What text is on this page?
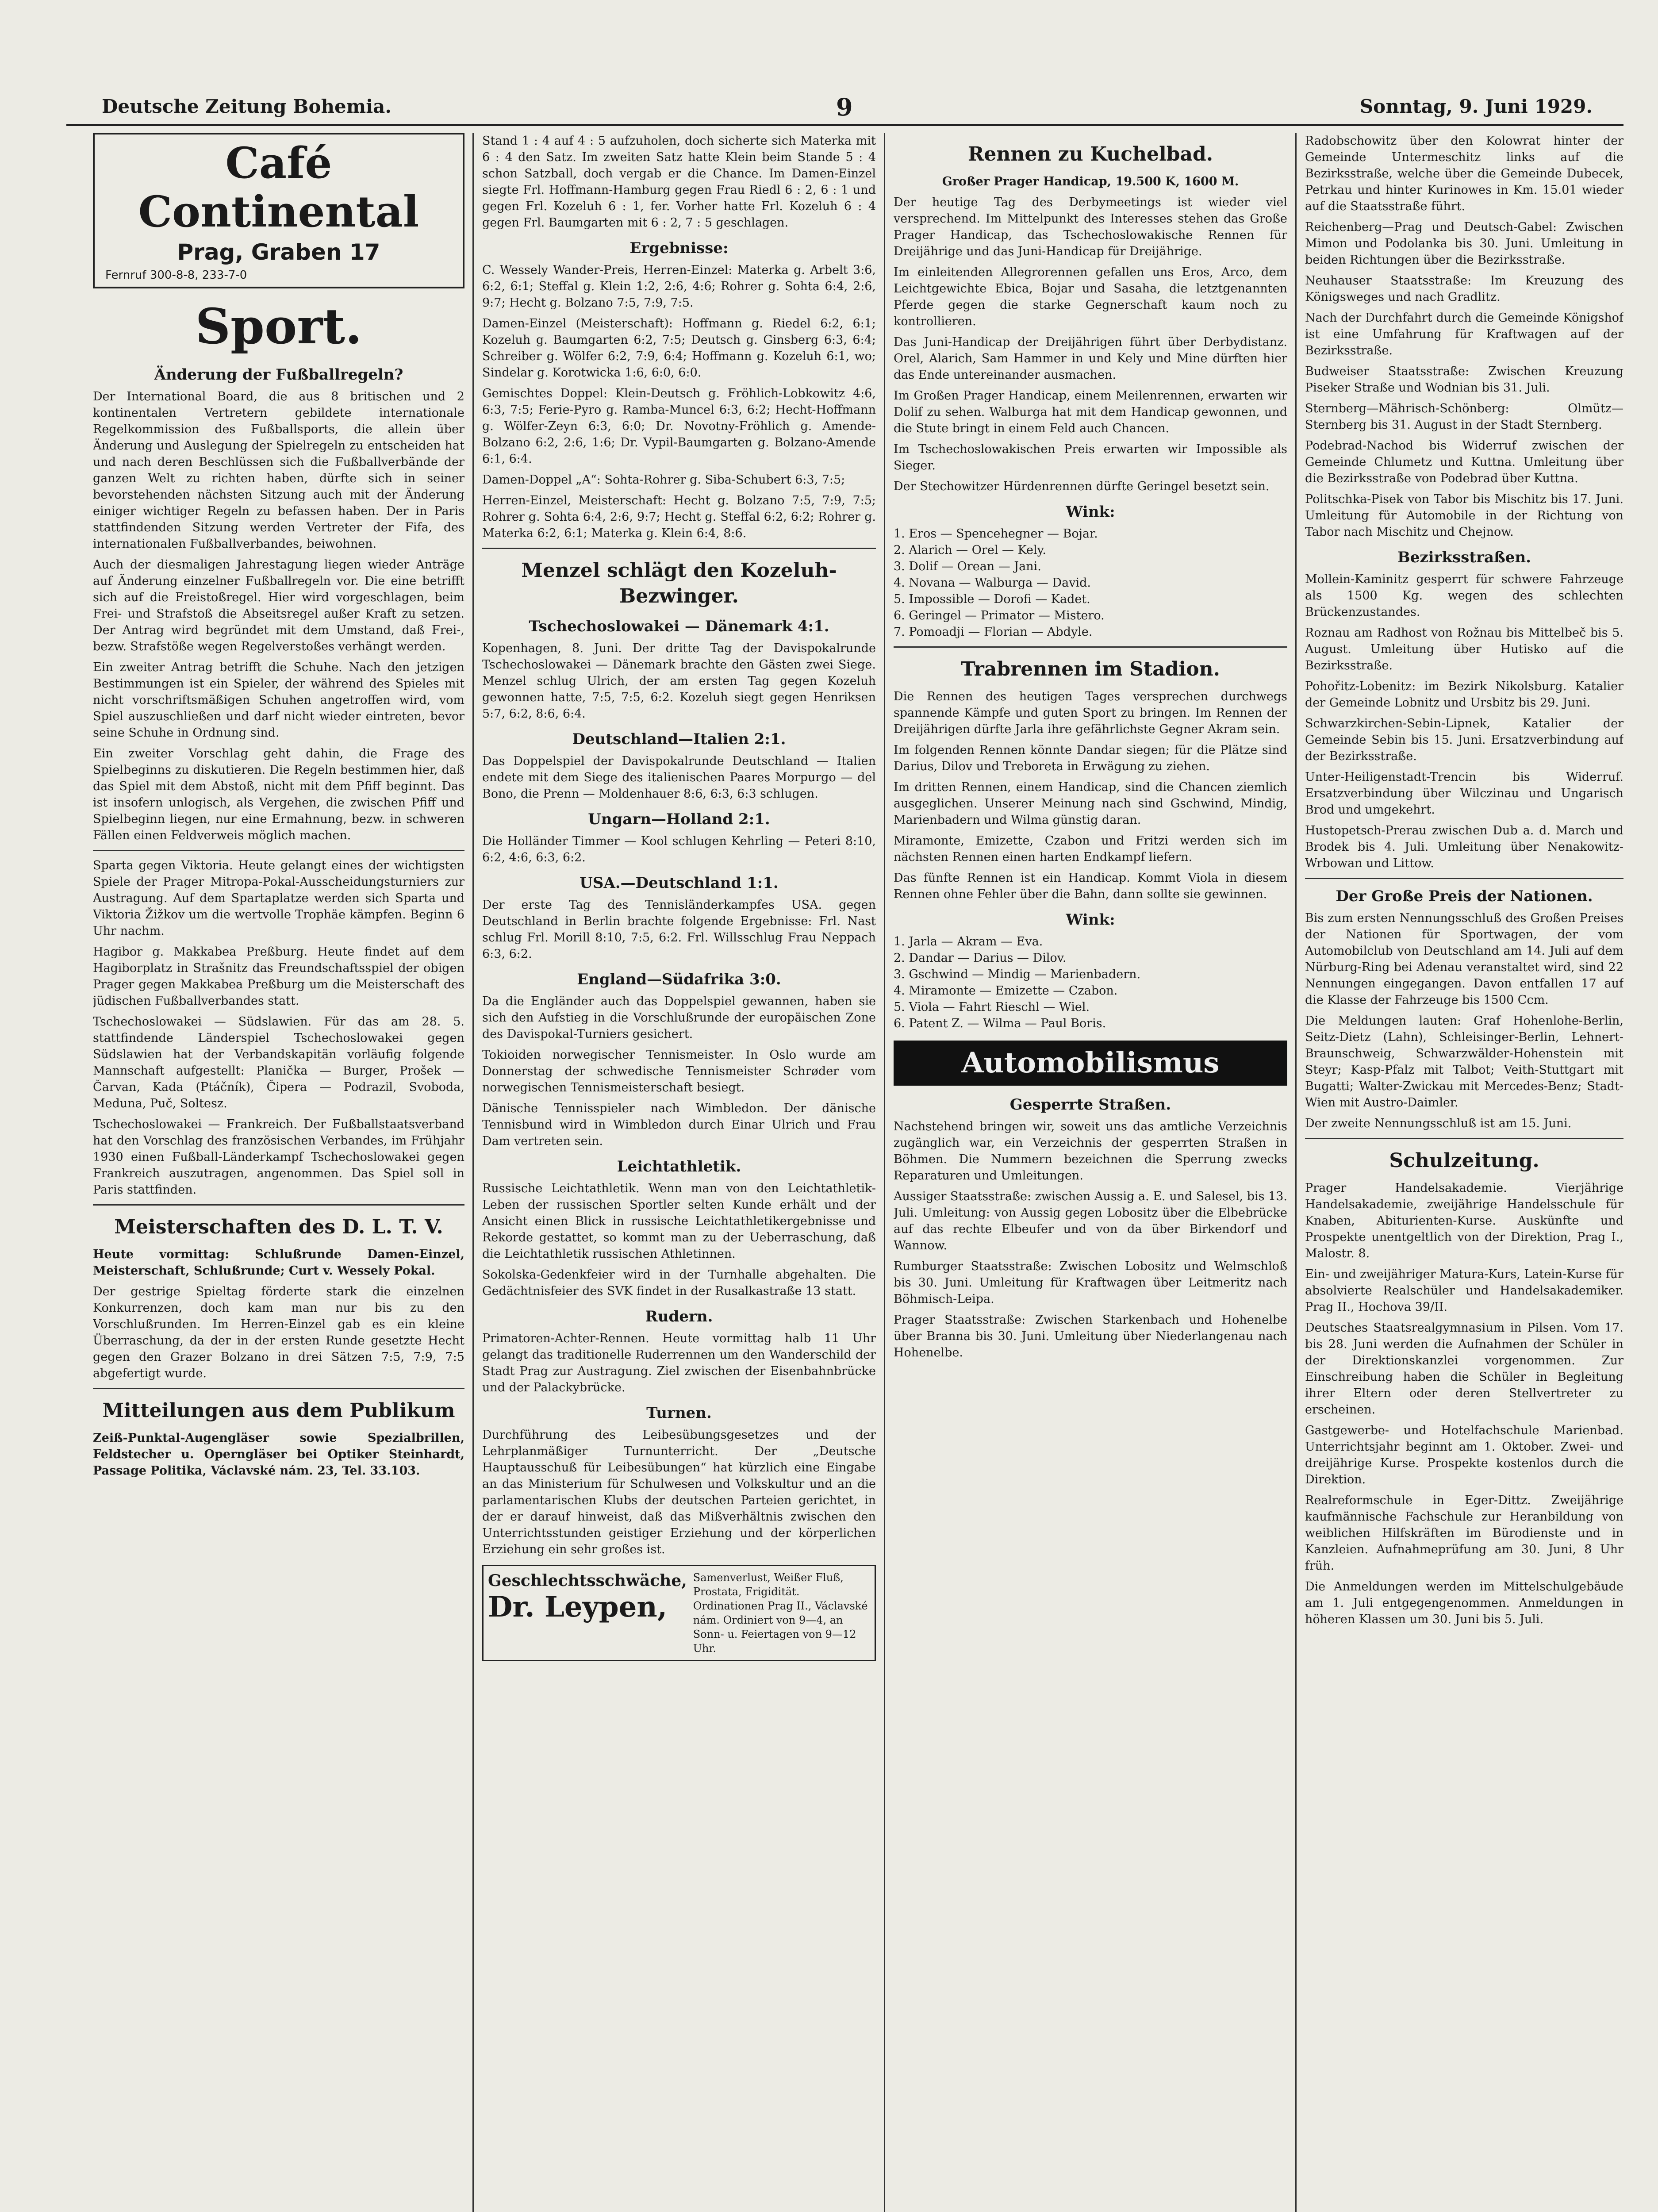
Deutsche Zeitung Bohemia.	9	Sonntag, 9. Juni 1929.

Café Continental

Prag, Graben 17

Fernruf 300-8-8, 233-7-0

Sport.
Änderung der Fußballregeln?

Der International Board, die aus 8 britischen und 2 kontinentalen Vertretern gebildete internationale Regelkommission des Fußballsports, die allein über Änderung und Auslegung der Spielregeln zu entscheiden hat und nach deren Beschlüssen sich die Fußballverbände der ganzen Welt zu richten haben, dürfte sich in seiner bevorstehenden nächsten Sitzung auch mit der Änderung einiger wichtiger Regeln zu befassen haben. Der in Paris stattfindenden Sitzung werden Vertreter der Fifa, des internationalen Fußballverbandes, beiwohnen.

Auch der diesmaligen Jahrestagung liegen wieder Anträge auf Änderung einzelner Fußballregeln vor. Die eine betrifft sich auf die Freistoßregel. Hier wird vorgeschlagen, beim Frei- und Strafstoß die Abseitsregel außer Kraft zu setzen. Der Antrag wird begründet mit dem Umstand, daß Frei-, bezw. Strafstöße wegen Regelverstoßes verhängt werden.

Ein zweiter Antrag betrifft die Schuhe. Nach den jetzigen Bestimmungen ist ein Spieler, der während des Spieles mit nicht vorschriftsmäßigen Schuhen angetroffen wird, vom Spiel auszuschließen und darf nicht wieder eintreten, bevor seine Schuhe in Ordnung sind.

Ein zweiter Vorschlag geht dahin, die Frage des Spielbeginns zu diskutieren. Die Regeln bestimmen hier, daß das Spiel mit dem Abstoß, nicht mit dem Pfiff beginnt. Das ist insofern unlogisch, als Vergehen, die zwischen Pfiff und Spielbeginn liegen, nur eine Ermahnung, bezw. in schweren Fällen einen Feldverweis möglich machen.

Sparta gegen Viktoria. Heute gelangt eines der wichtigsten Spiele der Prager Mitropa-Pokal-Ausscheidungsturniers zur Austragung. Auf dem Spartaplatze werden sich Sparta und Viktoria Žižkov um die wertvolle Trophäe kämpfen. Beginn 6 Uhr nachm.

Hagibor g. Makkabea Preßburg. Heute findet auf dem Hagiborplatz in Strašnitz das Freundschaftsspiel der obigen Prager gegen Makkabea Preßburg um die Meisterschaft des jüdischen Fußballverbandes statt.

Tschechoslowakei — Südslawien. Für das am 28. 5. stattfindende Länderspiel Tschechoslowakei gegen Südslawien hat der Verbandskapitän vorläufig folgende Mannschaft aufgestellt: Planička — Burger, Prošek — Čarvan, Kada (Ptáčník), Čipera — Podrazil, Svoboda, Meduna, Puč, Soltesz.

Tschechoslowakei — Frankreich. Der Fußballstaatsverband hat den Vorschlag des französischen Verbandes, im Frühjahr 1930 einen Fußball-Länderkampf Tschechoslowakei gegen Frankreich auszutragen, angenommen. Das Spiel soll in Paris stattfinden.

Meisterschaften des D. L. T. V.

Heute vormittag: Schlußrunde Damen-Einzel, Meisterschaft, Schlußrunde; Curt v. Wessely Pokal.

Der gestrige Spieltag förderte stark die einzelnen Konkurrenzen, doch kam man nur bis zu den Vorschlußrunden. Im Herren-Einzel gab es ein kleine Überraschung, da der in der ersten Runde gesetzte Hecht gegen den Grazer Bolzano in drei Sätzen 7:5, 7:9, 7:5 abgefertigt wurde.

Mitteilungen aus dem Publikum

Zeiß-Punktal-Augengläser sowie Spezialbrillen, Feldstecher u. Operngläser bei Optiker Steinhardt, Passage Politika, Václavské nám. 23, Tel. 33.103.

Stand 1 : 4 auf 4 : 5 aufzuholen, doch sicherte sich Materka mit 6 : 4 den Satz. Im zweiten Satz hatte Klein beim Stande 5 : 4 schon Satzball, doch vergab er die Chance. Im Damen-Einzel siegte Frl. Hoffmann-Hamburg gegen Frau Riedl 6 : 2, 6 : 1 und gegen Frl. Kozeluh 6 : 1, fer. Vorher hatte Frl. Kozeluh 6 : 4 gegen Frl. Baumgarten mit 6 : 2, 7 : 5 geschlagen.

Ergebnisse:

C. Wessely Wander-Preis, Herren-Einzel: Materka g. Arbelt 3:6, 6:2, 6:1; Steffal g. Klein 1:2, 2:6, 4:6; Rohrer g. Sohta 6:4, 2:6, 9:7; Hecht g. Bolzano 7:5, 7:9, 7:5.

Damen-Einzel (Meisterschaft): Hoffmann g. Riedel 6:2, 6:1; Kozeluh g. Baumgarten 6:2, 7:5; Deutsch g. Ginsberg 6:3, 6:4; Schreiber g. Wölfer 6:2, 7:9, 6:4; Hoffmann g. Kozeluh 6:1, wo; Sindelar g. Korotwicka 1:6, 6:0, 6:0.

Gemischtes Doppel: Klein-Deutsch g. Fröhlich-Lobkowitz 4:6, 6:3, 7:5; Ferie-Pyro g. Ramba-Muncel 6:3, 6:2; Hecht-Hoffmann g. Wölfer-Zeyn 6:3, 6:0; Dr. Novotny-Fröhlich g. Amende-Bolzano 6:2, 2:6, 1:6; Dr. Vypil-Baumgarten g. Bolzano-Amende 6:1, 6:4.

Damen-Doppel „A“: Sohta-Rohrer g. Siba-Schubert 6:3, 7:5;

Herren-Einzel, Meisterschaft: Hecht g. Bolzano 7:5, 7:9, 7:5; Rohrer g. Sohta 6:4, 2:6, 9:7; Hecht g. Steffal 6:2, 6:2; Rohrer g. Materka 6:2, 6:1; Materka g. Klein 6:4, 8:6.

Menzel schlägt den Kozeluh-Bezwinger.
Tschechoslowakei — Dänemark 4:1.

Kopenhagen, 8. Juni. Der dritte Tag der Davispokalrunde Tschechoslowakei — Dänemark brachte den Gästen zwei Siege. Menzel schlug Ulrich, der am ersten Tag gegen Kozeluh gewonnen hatte, 7:5, 7:5, 6:2. Kozeluh siegt gegen Henriksen 5:7, 6:2, 8:6, 6:4.

Deutschland—Italien 2:1.

Das Doppelspiel der Davispokalrunde Deutschland — Italien endete mit dem Siege des italienischen Paares Morpurgo — del Bono, die Prenn — Moldenhauer 8:6, 6:3, 6:3 schlugen.

Ungarn—Holland 2:1.

Die Holländer Timmer — Kool schlugen Kehrling — Peteri 8:10, 6:2, 4:6, 6:3, 6:2.

USA.—Deutschland 1:1.

Der erste Tag des Tennisländerkampfes USA. gegen Deutschland in Berlin brachte folgende Ergebnisse: Frl. Nast schlug Frl. Morill 8:10, 7:5, 6:2. Frl. Willsschlug Frau Neppach 6:3, 6:2.

England—Südafrika 3:0.

Da die Engländer auch das Doppelspiel gewannen, haben sie sich den Aufstieg in die Vorschlußrunde der europäischen Zone des Davispokal-Turniers gesichert.

Tokioiden norwegischer Tennismeister. In Oslo wurde am Donnerstag der schwedische Tennismeister Schrøder vom norwegischen Tennismeisterschaft besiegt.

Dänische Tennisspieler nach Wimbledon. Der dänische Tennisbund wird in Wimbledon durch Einar Ulrich und Frau Dam vertreten sein.

Leichtathletik.

Russische Leichtathletik. Wenn man von den Leichtathletik-Leben der russischen Sportler selten Kunde erhält und der Ansicht einen Blick in russische Leichtathletikergebnisse und Rekorde gestattet, so kommt man zu der Ueberraschung, daß die Leichtathletik russischen Athletinnen.

Sokolska-Gedenkfeier wird in der Turnhalle abgehalten. Die Gedächtnisfeier des SVK findet in der Rusalkastraße 13 statt.

Rudern.

Primatoren-Achter-Rennen. Heute vormittag halb 11 Uhr gelangt das traditionelle Ruderrennen um den Wanderschild der Stadt Prag zur Austragung. Ziel zwischen der Eisenbahnbrücke und der Palackybrücke.

Turnen.

Durchführung des Leibesübungsgesetzes und der Lehrplanmäßiger Turnunterricht. Der „Deutsche Hauptausschuß für Leibesübungen“ hat kürzlich eine Eingabe an das Ministerium für Schulwesen und Volkskultur und an die parlamentarischen Klubs der deutschen Parteien gerichtet, in der er darauf hinweist, daß das Mißverhältnis zwischen den Unterrichtsstunden geistiger Erziehung und der körperlichen Erziehung ein sehr großes ist.

Geschlechtsschwäche,
Dr. Leypen,
Samenverlust, Weißer Fluß, Prostata, Frigidität. Ordinationen Prag II., Václavské nám. Ordiniert von 9—4, an Sonn- u. Feiertagen von 9—12 Uhr.
Rennen zu Kuchelbad.

Großer Prager Handicap, 19.500 K, 1600 M.

Der heutige Tag des Derbymeetings ist wieder viel versprechend. Im Mittelpunkt des Interesses stehen das Große Prager Handicap, das Tschechoslowakische Rennen für Dreijährige und das Juni-Handicap für Dreijährige.

Im einleitenden Allegrorennen gefallen uns Eros, Arco, dem Leichtgewichte Ebica, Bojar und Sasaha, die letztgenannten Pferde gegen die starke Gegnerschaft kaum noch zu kontrollieren.

Das Juni-Handicap der Dreijährigen führt über Derbydistanz. Orel, Alarich, Sam Hammer in und Kely und Mine dürften hier das Ende untereinander ausmachen.

Im Großen Prager Handicap, einem Meilenrennen, erwarten wir Dolif zu sehen. Walburga hat mit dem Handicap gewonnen, und die Stute bringt in einem Feld auch Chancen.

Im Tschechoslowakischen Preis erwarten wir Impossible als Sieger.

Der Stechowitzer Hürdenrennen dürfte Geringel besetzt sein.

Wink:

1. Eros — Spencehegner — Bojar.
2. Alarich — Orel — Kely.
3. Dolif — Orean — Jani.
4. Novana — Walburga — David.
5. Impossible — Dorofi — Kadet.
6. Geringel — Primator — Mistero.
7. Pomoadji — Florian — Abdyle.

Trabrennen im Stadion.

Die Rennen des heutigen Tages versprechen durchwegs spannende Kämpfe und guten Sport zu bringen. Im Rennen der Dreijährigen dürfte Jarla ihre gefährlichste Gegner Akram sein.

Im folgenden Rennen könnte Dandar siegen; für die Plätze sind Darius, Dilov und Treboreta in Erwägung zu ziehen.

Im dritten Rennen, einem Handicap, sind die Chancen ziemlich ausgeglichen. Unserer Meinung nach sind Gschwind, Mindig, Marienbadern und Wilma günstig daran.

Miramonte, Emizette, Czabon und Fritzi werden sich im nächsten Rennen einen harten Endkampf liefern.

Das fünfte Rennen ist ein Handicap. Kommt Viola in diesem Rennen ohne Fehler über die Bahn, dann sollte sie gewinnen.

Wink:

1. Jarla — Akram — Eva.
2. Dandar — Darius — Dilov.
3. Gschwind — Mindig — Marienbadern.
4. Miramonte — Emizette — Czabon.
5. Viola — Fahrt Rieschl — Wiel.
6. Patent Z. — Wilma — Paul Boris.

Automobilismus
Gesperrte Straßen.

Nachstehend bringen wir, soweit uns das amtliche Verzeichnis zugänglich war, ein Verzeichnis der gesperrten Straßen in Böhmen. Die Nummern bezeichnen die Sperrung zwecks Reparaturen und Umleitungen.

Aussiger Staatsstraße: zwischen Aussig a. E. und Salesel, bis 13. Juli. Umleitung: von Aussig gegen Lobositz über die Elbebrücke auf das rechte Elbeufer und von da über Birkendorf und Wannow.

Rumburger Staatsstraße: Zwischen Lobositz und Welmschloß bis 30. Juni. Umleitung für Kraftwagen über Leitmeritz nach Böhmisch-Leipa.

Prager Staatsstraße: Zwischen Starkenbach und Hohenelbe über Branna bis 30. Juni. Umleitung über Niederlangenau nach Hohenelbe.

Radobschowitz über den Kolowrat hinter der Gemeinde Untermeschitz links auf die Bezirksstraße, welche über die Gemeinde Dubecek, Petrkau und hinter Kurinowes in Km. 15.01 wieder auf die Staatsstraße führt.

Reichenberg—Prag und Deutsch-Gabel: Zwischen Mimon und Podolanka bis 30. Juni. Umleitung in beiden Richtungen über die Bezirksstraße.

Neuhauser Staatsstraße: Im Kreuzung des Königsweges und nach Gradlitz.

Nach der Durchfahrt durch die Gemeinde Königshof ist eine Umfahrung für Kraftwagen auf der Bezirksstraße.

Budweiser Staatsstraße: Zwischen Kreuzung Piseker Straße und Wodnian bis 31. Juli.

Sternberg—Mährisch-Schönberg: Olmütz—Sternberg bis 31. August in der Stadt Sternberg.

Podebrad-Nachod bis Widerruf zwischen der Gemeinde Chlumetz und Kuttna. Umleitung über die Bezirksstraße von Podebrad über Kuttna.

Politschka-Pisek von Tabor bis Mischitz bis 17. Juni. Umleitung für Automobile in der Richtung von Tabor nach Mischitz und Chejnow.

Bezirksstraßen.

Mollein-Kaminitz gesperrt für schwere Fahrzeuge als 1500 Kg. wegen des schlechten Brückenzustandes.

Roznau am Radhost von Rožnau bis Mittelbeč bis 5. August. Umleitung über Hutisko auf die Bezirksstraße.

Pohořitz-Lobenitz: im Bezirk Nikolsburg. Katalier der Gemeinde Lobnitz und Ursbitz bis 29. Juni.

Schwarzkirchen-Sebin-Lipnek, Katalier der Gemeinde Sebin bis 15. Juni. Ersatzverbindung auf der Bezirksstraße.

Unter-Heiligenstadt-Trencin bis Widerruf. Ersatzverbindung über Wilczinau und Ungarisch Brod und umgekehrt.

Hustopetsch-Prerau zwischen Dub a. d. March und Brodek bis 4. Juli. Umleitung über Nenakowitz-Wrbowan und Littow.

Der Große Preis der Nationen.

Bis zum ersten Nennungsschluß des Großen Preises der Nationen für Sportwagen, der vom Automobilclub von Deutschland am 14. Juli auf dem Nürburg-Ring bei Adenau veranstaltet wird, sind 22 Nennungen eingegangen. Davon entfallen 17 auf die Klasse der Fahrzeuge bis 1500 Ccm.

Die Meldungen lauten: Graf Hohenlohe-Berlin, Seitz-Dietz (Lahn), Schleisinger-Berlin, Lehnert-Braunschweig, Schwarzwälder-Hohenstein mit Steyr; Kasp-Pfalz mit Talbot; Veith-Stuttgart mit Bugatti; Walter-Zwickau mit Mercedes-Benz; Stadt-Wien mit Austro-Daimler.

Der zweite Nennungsschluß ist am 15. Juni.

Schulzeitung.

Prager Handelsakademie. Vierjährige Handelsakademie, zweijährige Handelsschule für Knaben, Abiturienten-Kurse. Auskünfte und Prospekte unentgeltlich von der Direktion, Prag I., Malostr. 8.

Ein- und zweijähriger Matura-Kurs, Latein-Kurse für absolvierte Realschüler und Handelsakademiker. Prag II., Hochova 39/II.

Deutsches Staatsrealgymnasium in Pilsen. Vom 17. bis 28. Juni werden die Aufnahmen der Schüler in der Direktionskanzlei vorgenommen. Zur Einschreibung haben die Schüler in Begleitung ihrer Eltern oder deren Stellvertreter zu erscheinen.

Gastgewerbe- und Hotelfachschule Marienbad. Unterrichtsjahr beginnt am 1. Oktober. Zwei- und dreijährige Kurse. Prospekte kostenlos durch die Direktion.

Realreformschule in Eger-Dittz. Zweijährige kaufmännische Fachschule zur Heranbildung von weiblichen Hilfskräften im Bürodienste und in Kanzleien. Aufnahmeprüfung am 30. Juni, 8 Uhr früh.

Die Anmeldungen werden im Mittelschulgebäude am 1. Juli entgegengenommen. Anmeldungen in höheren Klassen um 30. Juni bis 5. Juli.
